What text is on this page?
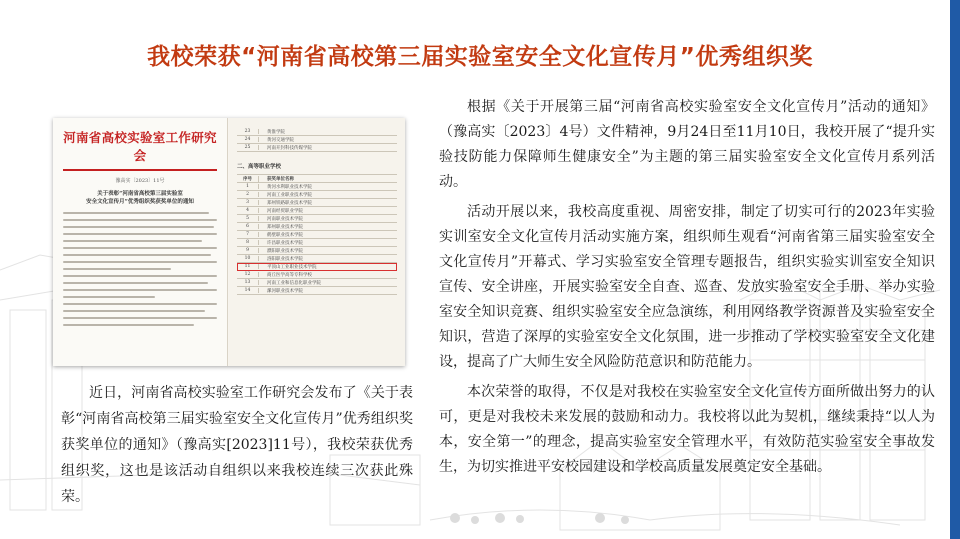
我校荣获“河南省高校第三届实验室安全文化宣传月”优秀组织奖
河南省高校实验室工作研究会
豫高实〔2023〕11号
关于表彰“河南省高校第三届实验室
安全文化宣传月”优秀组织奖获奖单位的通知
23	黄淮学院
24	黄河交通学院
25	河南开封科技传媒学院
二、高等职业学校
序号	获奖单位名称
1	黄河水利职业技术学院
2	河南工业职业技术学院
3	郑州铁路职业技术学院
4	河南经贸职业学院
5	河南职业技术学院
6	郑州职业技术学院
7	鹤壁职业技术学院
8	许昌职业技术学院
9	濮阳职业技术学院
10	洛阳职业技术学院
11	平顶山工业职业技术学院
12	商丘医学高等专科学校
13	河南工业和信息化职业学院
14	漯河职业技术学院

近日，河南省高校实验室工作研究会发布了《关于表彰“河南省高校第三届实验室安全文化宣传月”优秀组织奖获奖单位的通知》（豫高实[2023]11号），我校荣获优秀组织奖，这也是该活动自组织以来我校连续三次获此殊荣。

根据《关于开展第三届“河南省高校实验室安全文化宣传月”活动的通知》（豫高实〔2023〕4号）文件精神，9月24日至11月10日，我校开展了“提升实验技防能力保障师生健康安全”为主题的第三届实验室安全文化宣传月系列活动。

活动开展以来，我校高度重视、周密安排，制定了切实可行的2023年实验实训室安全文化宣传月活动实施方案，组织师生观看“河南省第三届实验室安全文化宣传月”开幕式、学习实验室安全管理专题报告，组织实验实训室安全知识宣传、安全讲座，开展实验室安全自查、巡查、发放实验室安全手册、举办实验室安全知识竞赛、组织实验室安全应急演练，利用网络教学资源普及实验室安全知识，营造了深厚的实验室安全文化氛围，进一步推动了学校实验室安全文化建设，提高了广大师生安全风险防范意识和防范能力。

本次荣誉的取得，不仅是对我校在实验室安全文化宣传方面所做出努力的认可，更是对我校未来发展的鼓励和动力。我校将以此为契机，继续秉持“以人为本，安全第一”的理念，提高实验室安全管理水平，有效防范实验室安全事故发生，为切实推进平安校园建设和学校高质量发展奠定安全基础。
